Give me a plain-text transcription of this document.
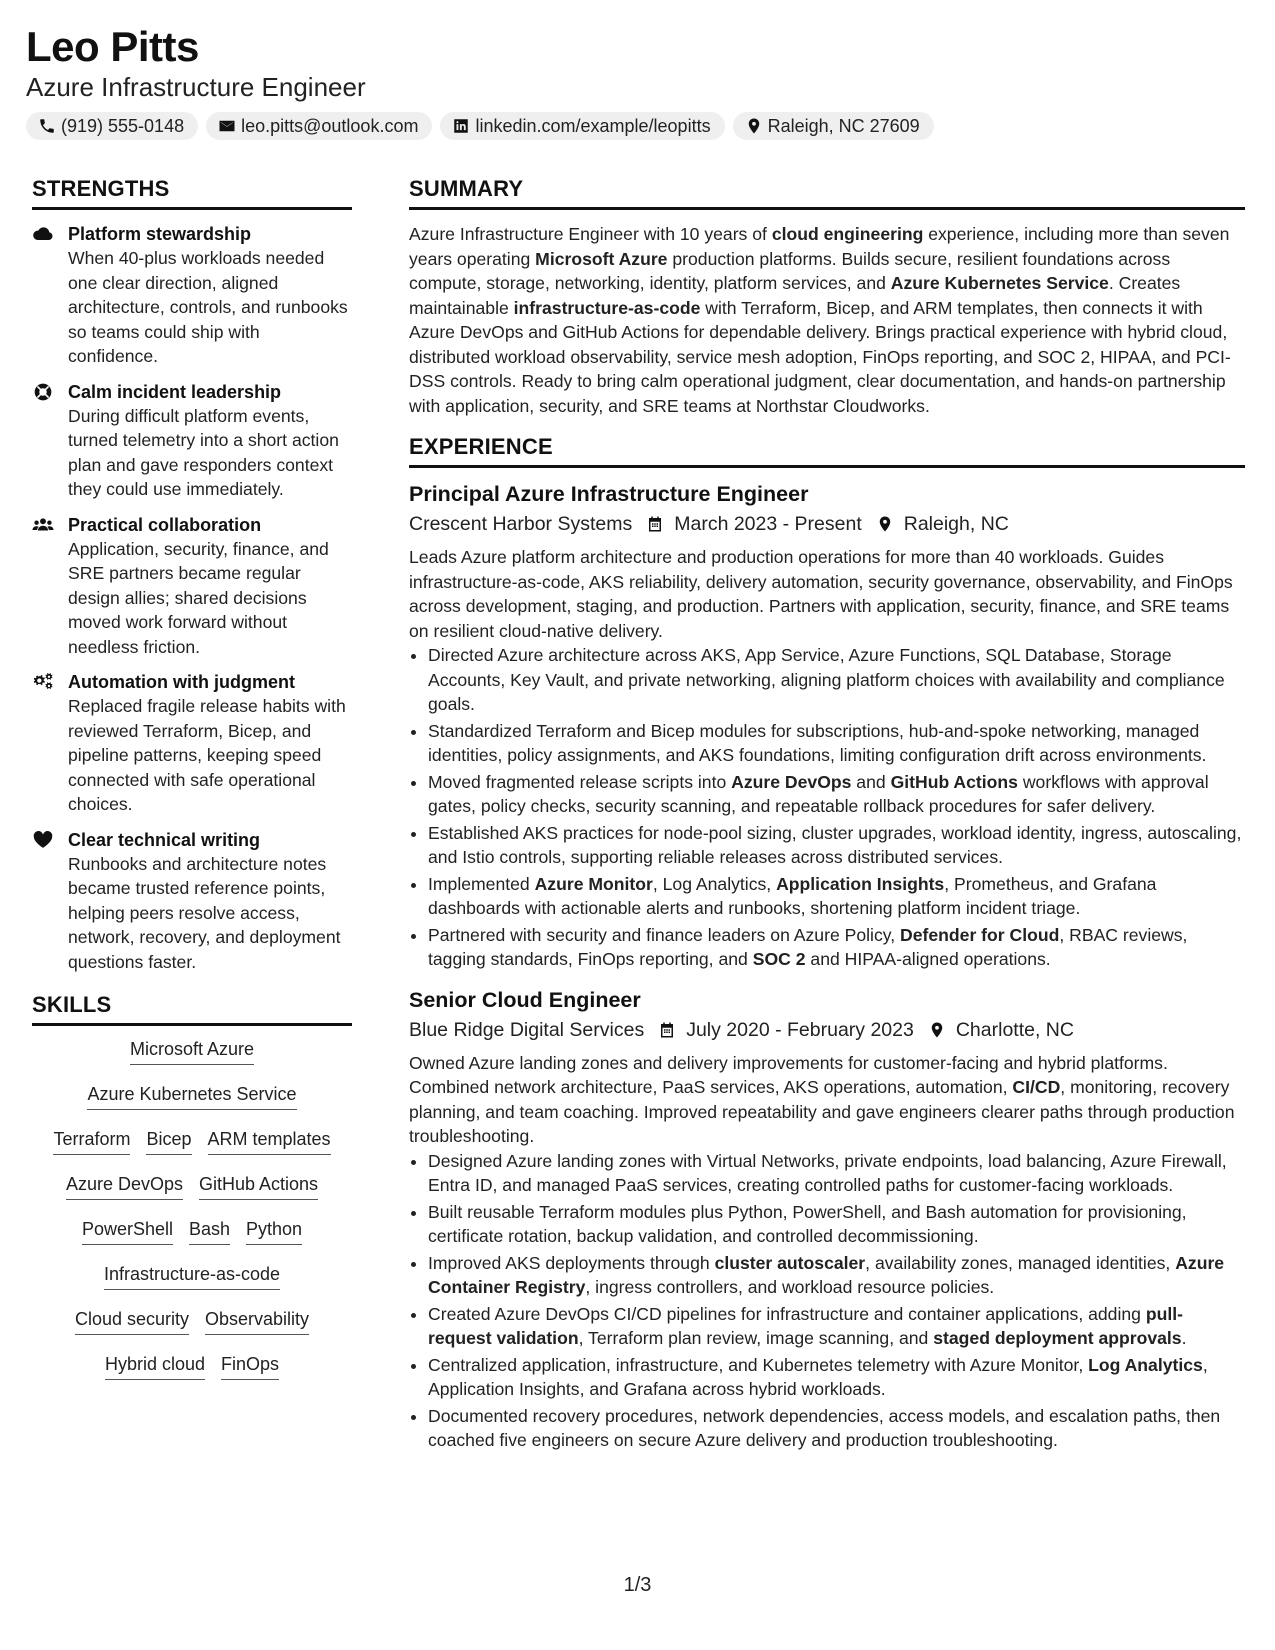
Leo Pitts
Azure Infrastructure Engineer
(919) 555-0148	leo.pitts@outlook.com	linkedin.com/example/leopitts	Raleigh, NC 27609
STRENGTHS
Platform stewardship
When 40-plus workloads needed one clear direction, aligned architecture, controls, and runbooks so teams could ship with confidence.
Calm incident leadership
During difficult platform events, turned telemetry into a short action plan and gave responders context they could use immediately.
Practical collaboration
Application, security, finance, and SRE partners became regular design allies; shared decisions moved work forward without needless friction.
Automation with judgment
Replaced fragile release habits with reviewed Terraform, Bicep, and pipeline patterns, keeping speed connected with safe operational choices.
Clear technical writing
Runbooks and architecture notes became trusted reference points, helping peers resolve access, network, recovery, and deployment questions faster.
SKILLS
Microsoft Azure
Azure Kubernetes Service
Terraform Bicep ARM templates
Azure DevOps GitHub Actions
PowerShell Bash Python
Infrastructure-as-code
Cloud security Observability
Hybrid cloud FinOps
SUMMARY
Azure Infrastructure Engineer with 10 years of cloud engineering experience, including more than seven years operating Microsoft Azure production platforms. Builds secure, resilient foundations across compute, storage, networking, identity, platform services, and Azure Kubernetes Service. Creates maintainable infrastructure-as-code with Terraform, Bicep, and ARM templates, then connects it with Azure DevOps and GitHub Actions for dependable delivery. Brings practical experience with hybrid cloud, distributed workload observability, service mesh adoption, FinOps reporting, and SOC 2, HIPAA, and PCI-DSS controls. Ready to bring calm operational judgment, clear documentation, and hands-on partnership with application, security, and SRE teams at Northstar Cloudworks.
EXPERIENCE
Principal Azure Infrastructure Engineer
Crescent Harbor Systems March 2023 - Present Raleigh, NC
Leads Azure platform architecture and production operations for more than 40 workloads. Guides infrastructure-as-code, AKS reliability, delivery automation, security governance, observability, and FinOps across development, staging, and production. Partners with application, security, finance, and SRE teams on resilient cloud-native delivery.
• Directed Azure architecture across AKS, App Service, Azure Functions, SQL Database, Storage Accounts, Key Vault, and private networking, aligning platform choices with availability and compliance goals.
• Standardized Terraform and Bicep modules for subscriptions, hub-and-spoke networking, managed identities, policy assignments, and AKS foundations, limiting configuration drift across environments.
• Moved fragmented release scripts into Azure DevOps and GitHub Actions workflows with approval gates, policy checks, security scanning, and repeatable rollback procedures for safer delivery.
• Established AKS practices for node-pool sizing, cluster upgrades, workload identity, ingress, autoscaling, and Istio controls, supporting reliable releases across distributed services.
• Implemented Azure Monitor, Log Analytics, Application Insights, Prometheus, and Grafana dashboards with actionable alerts and runbooks, shortening platform incident triage.
• Partnered with security and finance leaders on Azure Policy, Defender for Cloud, RBAC reviews, tagging standards, FinOps reporting, and SOC 2 and HIPAA-aligned operations.
Senior Cloud Engineer
Blue Ridge Digital Services July 2020 - February 2023 Charlotte, NC
Owned Azure landing zones and delivery improvements for customer-facing and hybrid platforms. Combined network architecture, PaaS services, AKS operations, automation, CI/CD, monitoring, recovery planning, and team coaching. Improved repeatability and gave engineers clearer paths through production troubleshooting.
• Designed Azure landing zones with Virtual Networks, private endpoints, load balancing, Azure Firewall, Entra ID, and managed PaaS services, creating controlled paths for customer-facing workloads.
• Built reusable Terraform modules plus Python, PowerShell, and Bash automation for provisioning, certificate rotation, backup validation, and controlled decommissioning.
• Improved AKS deployments through cluster autoscaler, availability zones, managed identities, Azure Container Registry, ingress controllers, and workload resource policies.
• Created Azure DevOps CI/CD pipelines for infrastructure and container applications, adding pull-request validation, Terraform plan review, image scanning, and staged deployment approvals.
• Centralized application, infrastructure, and Kubernetes telemetry with Azure Monitor, Log Analytics, Application Insights, and Grafana across hybrid workloads.
• Documented recovery procedures, network dependencies, access models, and escalation paths, then coached five engineers on secure Azure delivery and production troubleshooting.
1/3
